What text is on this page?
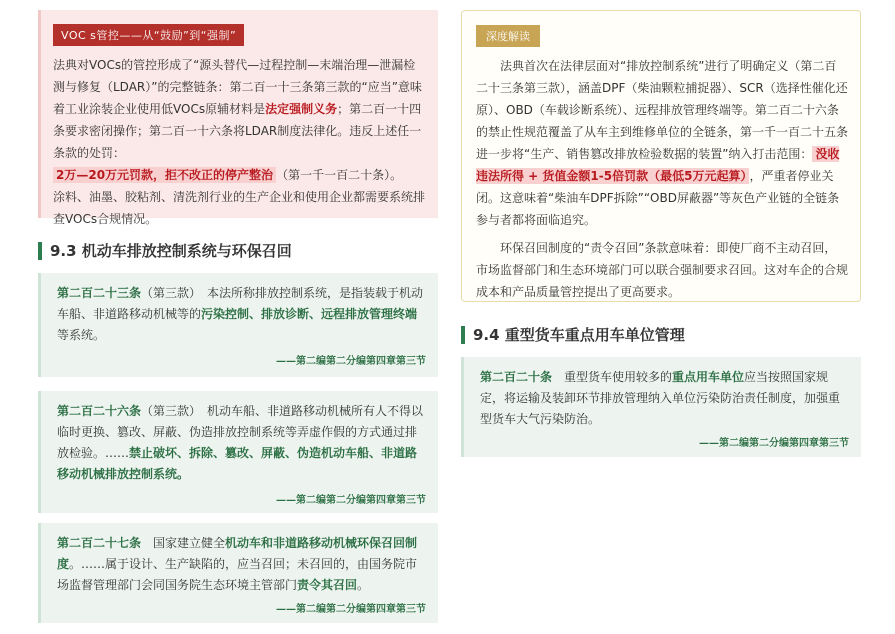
VOC s管控——从“鼓励”到“强制”

法典对VOCs的管控形成了“源头替代—过程控制—末端治理—泄漏检测与修复（LDAR）”的完整链条：第二百一十三条第三款的“应当”意味着工业涂装企业使用低VOCs原辅材料是法定强制义务；第二百一十四条要求密闭操作；第二百一十六条将LDAR制度法律化。违反上述任一条款的处罚：

2万—20万元罚款，拒不改正的停产整治 （第一千一百二十条）。

涂料、油墨、胶粘剂、清洗剂行业的生产企业和使用企业都需要系统排查VOCs合规情况。

9.3 机动车排放控制系统与环保召回

第二百二十三条（第三款）　本法所称排放控制系统，是指装载于机动车船、非道路移动机械等的污染控制、排放诊断、远程排放管理终端等系统。

——第二编第二分编第四章第三节

第二百二十六条（第三款）　机动车船、非道路移动机械所有人不得以临时更换、篡改、屏蔽、伪造排放控制系统等弄虚作假的方式通过排放检验。……禁止破坏、拆除、篡改、屏蔽、伪造机动车船、非道路移动机械排放控制系统。

——第二编第二分编第四章第三节

第二百二十七条　国家建立健全机动车和非道路移动机械环保召回制度。……属于设计、生产缺陷的，应当召回；未召回的，由国务院市场监督管理部门会同国务院生态环境主管部门责令其召回。

——第二编第二分编第四章第三节
深度解读

法典首次在法律层面对“排放控制系统”进行了明确定义（第二百二十三条第三款），涵盖DPF（柴油颗粒捕捉器）、SCR（选择性催化还原）、OBD（车载诊断系统）、远程排放管理终端等。第二百二十六条的禁止性规范覆盖了从车主到维修单位的全链条，第一千一百二十五条进一步将“生产、销售篡改排放检验数据的装置”纳入打击范围： 没收违法所得 + 货值金额1-5倍罚款（最低5万元起算） ，严重者停业关闭。这意味着“柴油车DPF拆除”“OBD屏蔽器”等灰色产业链的全链条参与者都将面临追究。

环保召回制度的“责令召回”条款意味着：即使厂商不主动召回，市场监督部门和生态环境部门可以联合强制要求召回。这对车企的合规成本和产品质量管控提出了更高要求。

9.4 重型货车重点用车单位管理

第二百二十条　重型货车使用较多的重点用车单位应当按照国家规定，将运输及装卸环节排放管理纳入单位污染防治责任制度，加强重型货车大气污染防治。

——第二编第二分编第四章第三节
